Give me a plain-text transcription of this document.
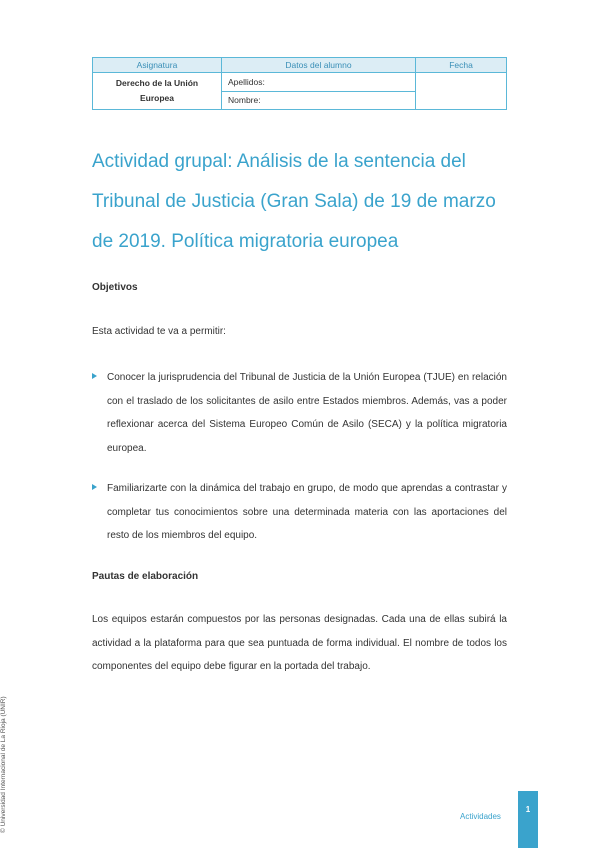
Asignatura	Datos del alumno	Fecha
Derecho de la Unión
Europea	Apellidos:	
	Nombre:	
Actividad grupal: Análisis de la sentencia del Tribunal de Justicia (Gran Sala) de 19 de marzo de 2019. Política migratoria europea
Objetivos

Esta actividad te va a permitir:

Conocer la jurisprudencia del Tribunal de Justicia de la Unión Europea (TJUE) en relación con el traslado de los solicitantes de asilo entre Estados miembros. Además, vas a poder reflexionar acerca del Sistema Europeo Común de Asilo (SECA) y la política migratoria europea.

Familiarizarte con la dinámica del trabajo en grupo, de modo que aprendas a contrastar y completar tus conocimientos sobre una determinada materia con las aportaciones del resto de los miembros del equipo.

Pautas de elaboración

Los equipos estarán compuestos por las personas designadas. Cada una de ellas subirá la actividad a la plataforma para que sea puntuada de forma individual. El nombre de todos los componentes del equipo debe figurar en la portada del trabajo.

© Universidad Internacional de La Rioja (UNIR)	Actividades
1
